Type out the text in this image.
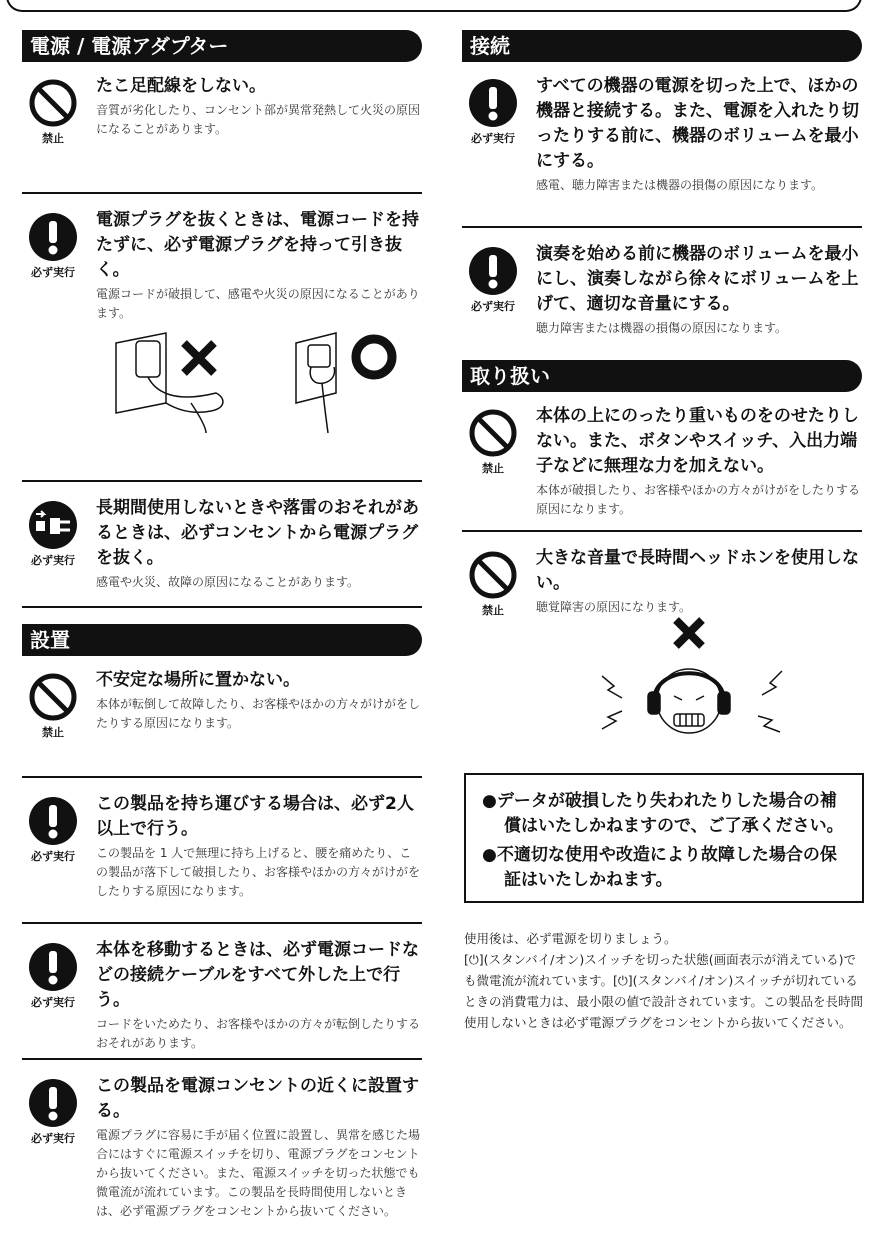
電源 / 電源アダプター
禁止
たこ足配線をしない。
音質が劣化したり、コンセント部が異常発熱して火災の原因になることがあります。
必ず実行
電源プラグを抜くときは、電源コードを持たずに、必ず電源プラグを持って引き抜く。
電源コードが破損して、感電や火災の原因になることがあります。
必ず実行
長期間使用しないときや落雷のおそれがあるときは、必ずコンセントから電源プラグを抜く。
感電や火災、故障の原因になることがあります。
設置
禁止
不安定な場所に置かない。
本体が転倒して故障したり、お客様やほかの方々がけがをしたりする原因になります。
必ず実行
この製品を持ち運びする場合は、必ず2人以上で行う。
この製品を 1 人で無理に持ち上げると、腰を痛めたり、この製品が落下して破損したり、お客様やほかの方々がけがをしたりする原因になります。
必ず実行
本体を移動するときは、必ず電源コードなどの接続ケーブルをすべて外した上で行う。
コードをいためたり、お客様やほかの方々が転倒したりするおそれがあります。
必ず実行
この製品を電源コンセントの近くに設置する。
電源プラグに容易に手が届く位置に設置し、異常を感じた場合にはすぐに電源スイッチを切り、電源プラグをコンセントから抜いてください。また、電源スイッチを切った状態でも微電流が流れています。この製品を長時間使用しないときは、必ず電源プラグをコンセントから抜いてください。
接続
必ず実行
すべての機器の電源を切った上で、ほかの機器と接続する。また、電源を入れたり切ったりする前に、機器のボリュームを最小にする。
感電、聴力障害または機器の損傷の原因になります。
必ず実行
演奏を始める前に機器のボリュームを最小にし、演奏しながら徐々にボリュームを上げて、適切な音量にする。
聴力障害または機器の損傷の原因になります。
取り扱い
禁止
本体の上にのったり重いものをのせたりしない。また、ボタンやスイッチ、入出力端子などに無理な力を加えない。
本体が破損したり、お客様やほかの方々がけがをしたりする原因になります。
禁止
大きな音量で長時間ヘッドホンを使用しない。
聴覚障害の原因になります。
●データが破損したり失われたりした場合の補償はいたしかねますので、ご了承ください。
●不適切な使用や改造により故障した場合の保証はいたしかねます。
使用後は、必ず電源を切りましょう。
[⏻](スタンバイ/オン)スイッチを切った状態(画面表示が消えている)でも微電流が流れています。[⏻](スタンバイ/オン)スイッチが切れているときの消費電力は、最小限の値で設計されています。この製品を長時間使用しないときは必ず電源プラグをコンセントから抜いてください。
